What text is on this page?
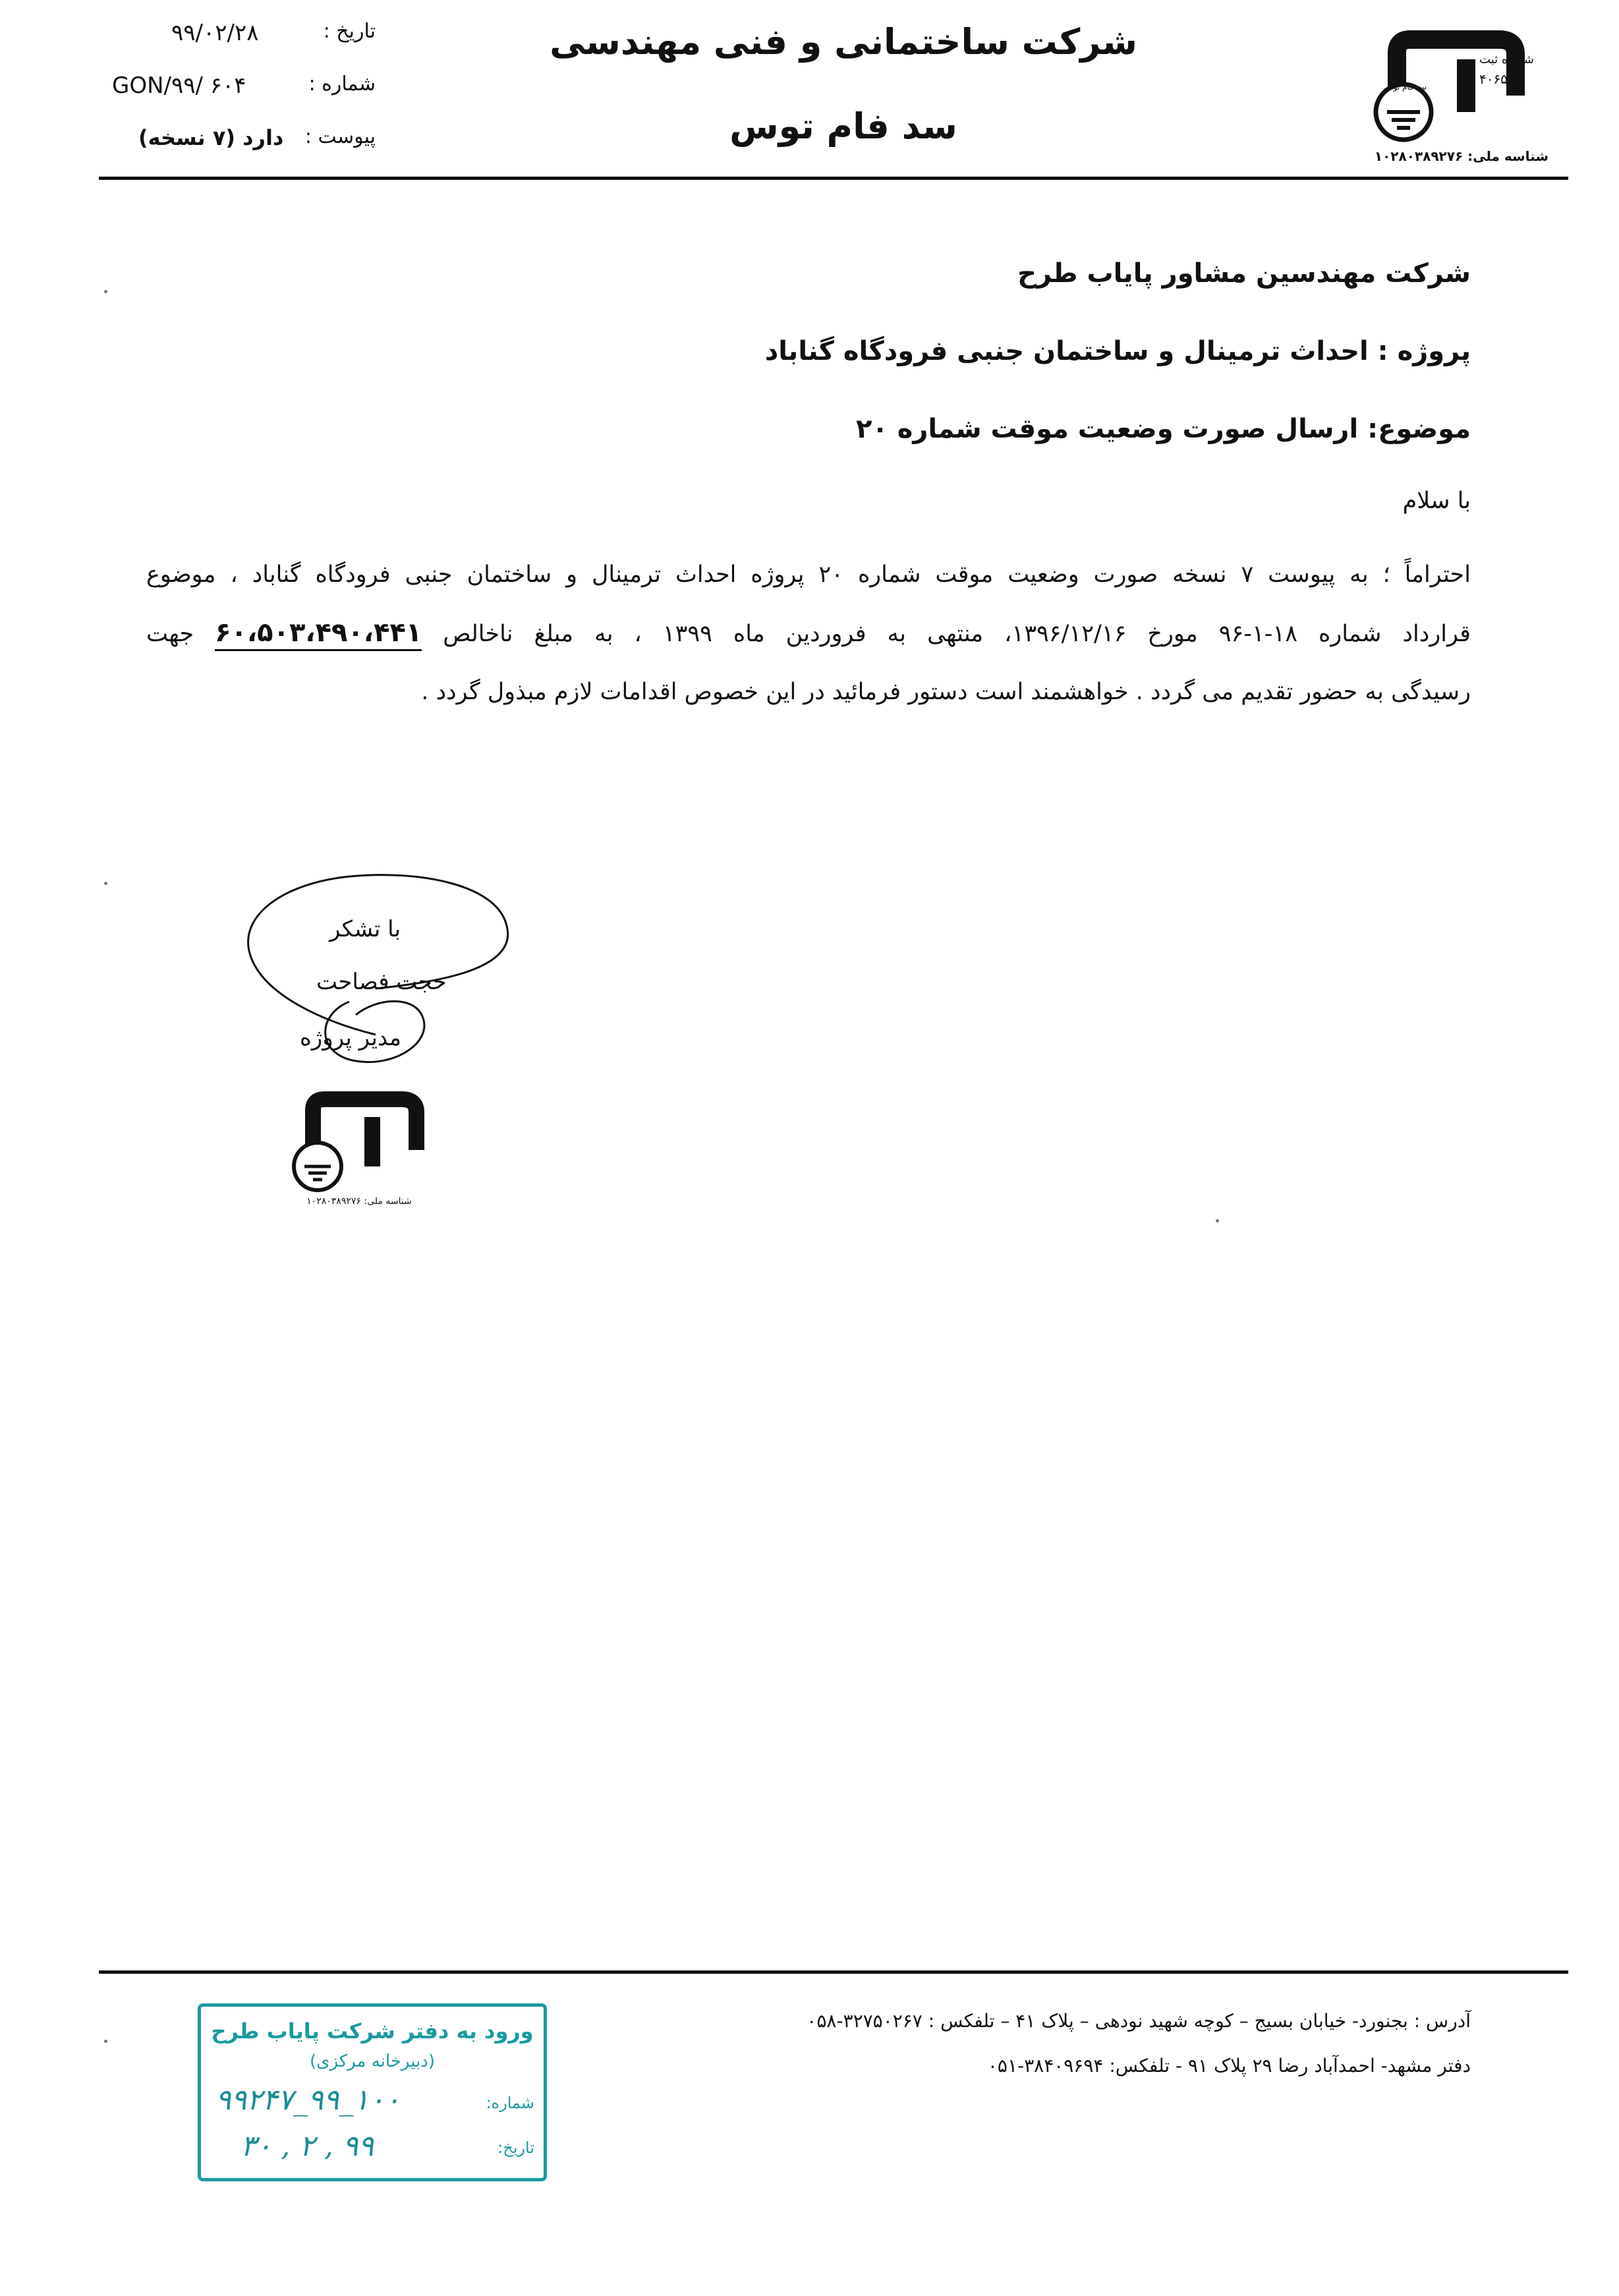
شرکت ساختمانی و فنی مهندسی
سد فام توس
تاریخ :
۹۹/۰۲/۲۸
شماره :
GON/۹۹/ ۶۰۴
پیوست :
دارد (۷ نسخه)
شماره ثبت
۴۰۶۵
سد فام توس
شناسه ملی: ۱۰۲۸۰۳۸۹۲۷۶
شرکت مهندسین مشاور پایاب طرح
پروژه : احداث ترمینال و ساختمان جنبی فرودگاه گناباد
موضوع: ارسال صورت وضعیت موقت شماره ۲۰
با سلام
احتراماً ؛ به پیوست ۷ نسخه صورت وضعیت موقت شماره ۲۰ پروژه احداث ترمینال و ساختمان جنبی فرودگاه گناباد ، موضوع
قرارداد شماره ۱۸-۱-۹۶ مورخ ۱۳۹۶/۱۲/۱۶، منتهی به فروردین ماه ۱۳۹۹ ، به مبلغ ناخالص ۶۰،۵۰۳،۴۹۰،۴۴۱ جهت
رسیدگی به حضور تقدیم می گردد . خواهشمند است دستور فرمائید در این خصوص اقدامات لازم مبذول گردد .
با تشکر
حجت فصاحت
مدیر پروژه
شناسه ملی: ۱۰۲۸۰۳۸۹۲۷۶
آدرس : بجنورد- خیابان بسیج – کوچه شهید نودهی – پلاک ۴۱ – تلفکس : ۳۲۷۵۰۲۶۷-۰۵۸
دفتر مشهد- احمدآباد رضا ۲۹ پلاک ۹۱ - تلفکس: ۳۸۴۰۹۶۹۴-۰۵۱
ورود به دفتر شرکت پایاب طرح
(دبیرخانه مرکزی)
شماره:
۱۰۰_۹۹_۹۹۲۴۷
تاریخ:
۹۹ , ۲ , ۳۰
